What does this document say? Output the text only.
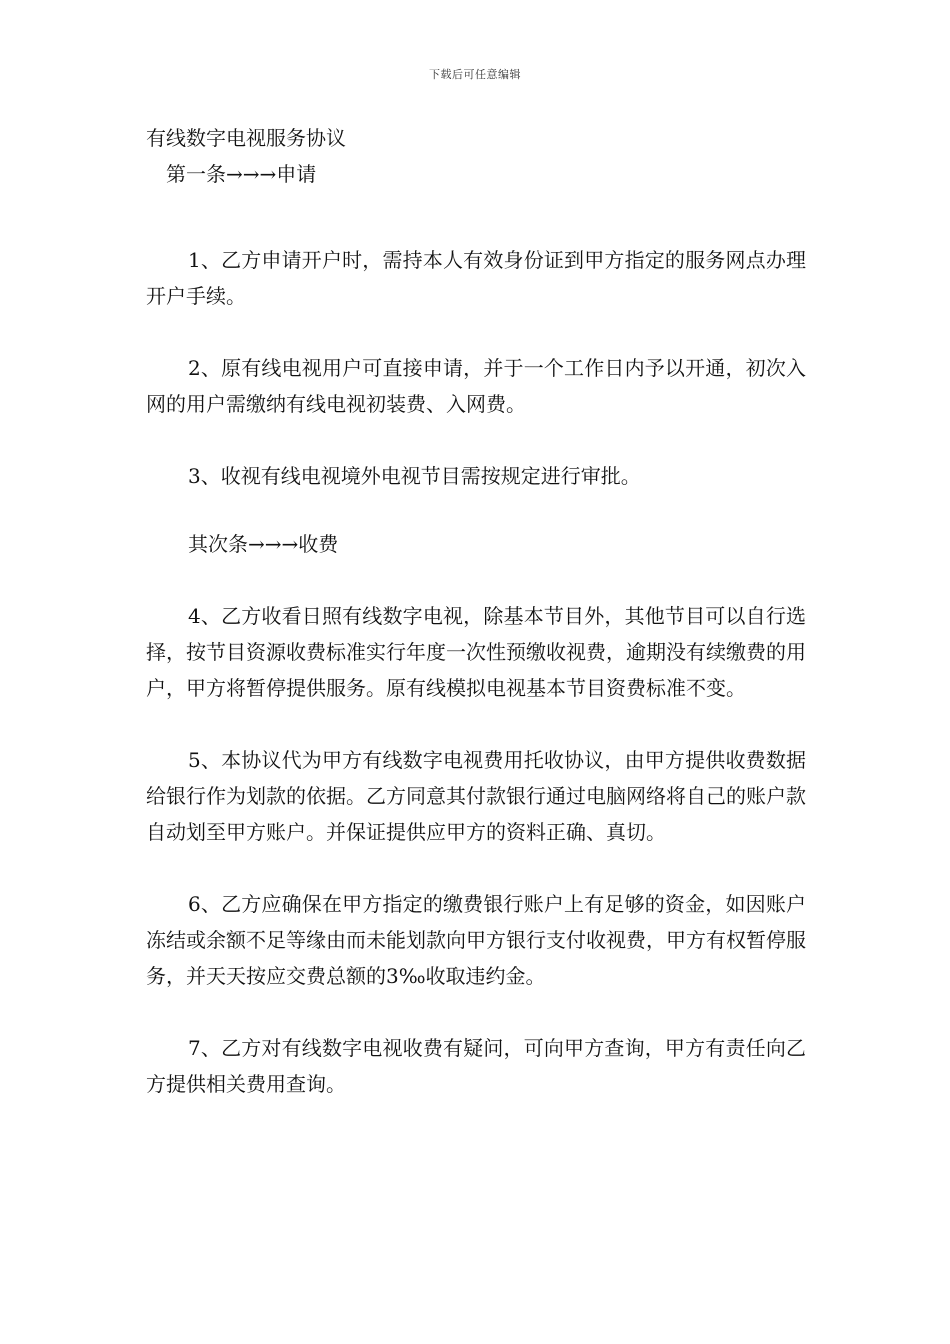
下载后可任意编辑

有线数字电视服务协议

第一条→→→申请

1、乙方申请开户时，需持本人有效身份证到甲方指定的服务网点办理开户手续。

2、原有线电视用户可直接申请，并于一个工作日内予以开通，初次入网的用户需缴纳有线电视初装费、入网费。

3、收视有线电视境外电视节目需按规定进行审批。

其次条→→→收费

4、乙方收看日照有线数字电视，除基本节目外，其他节目可以自行选择，按节目资源收费标准实行年度一次性预缴收视费，逾期没有续缴费的用户，甲方将暂停提供服务。原有线模拟电视基本节目资费标准不变。

5、本协议代为甲方有线数字电视费用托收协议，由甲方提供收费数据给银行作为划款的依据。乙方同意其付款银行通过电脑网络将自己的账户款自动划至甲方账户。并保证提供应甲方的资料正确、真切。

6、乙方应确保在甲方指定的缴费银行账户上有足够的资金，如因账户冻结或余额不足等缘由而未能划款向甲方银行支付收视费，甲方有权暂停服务，并天天按应交费总额的3‰收取违约金。

7、乙方对有线数字电视收费有疑问，可向甲方查询，甲方有责任向乙方提供相关费用查询。
